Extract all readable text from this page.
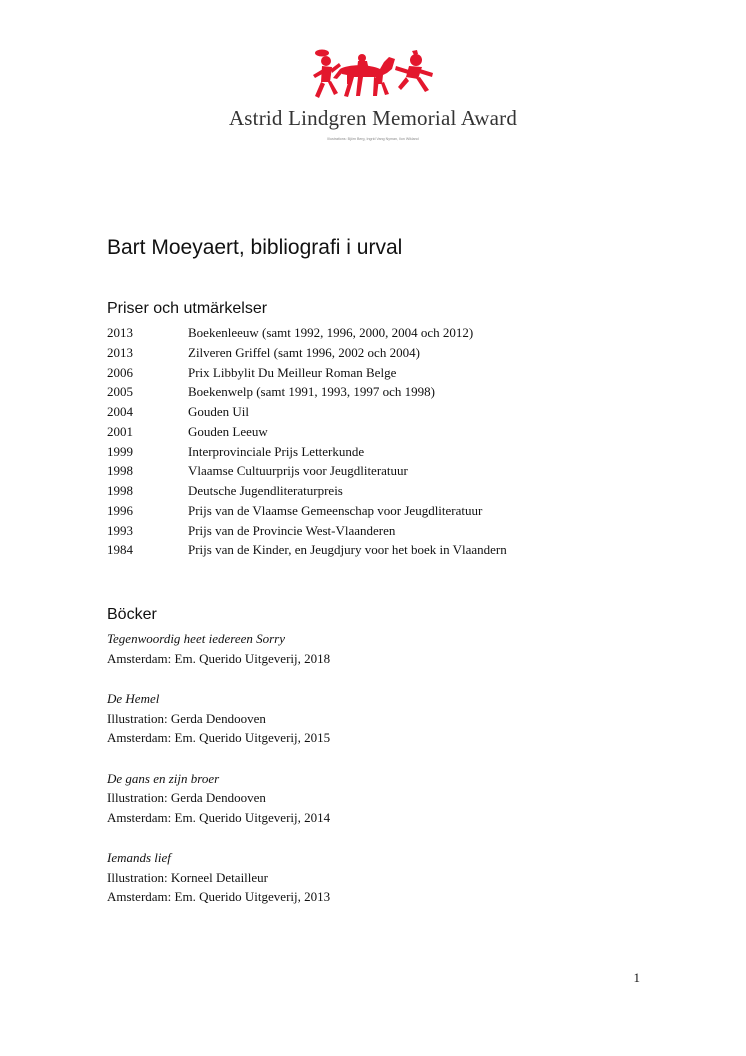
Astrid Lindgren Memorial Award
Illustrations: Björn Berg, Ingrid Vang Nyman, Ilon Wikland
Bart Moeyaert, bibliografi i urval
Priser och utmärkelser
2013	Boekenleeuw (samt 1992, 1996, 2000, 2004 och 2012)
2013	Zilveren Griffel (samt 1996, 2002 och 2004)
2006	Prix Libbylit Du Meilleur Roman Belge
2005	Boekenwelp (samt 1991, 1993, 1997 och 1998)
2004	Gouden Uil
2001	Gouden Leeuw
1999	Interprovinciale Prijs Letterkunde
1998	Vlaamse Cultuurprijs voor Jeugdliteratuur
1998	Deutsche Jugendliteraturpreis
1996	Prijs van de Vlaamse Gemeenschap voor Jeugdliteratuur
1993	Prijs van de Provincie West-Vlaanderen
1984	Prijs van de Kinder, en Jeugdjury voor het boek in Vlaandern
Böcker
Tegenwoordig heet iedereen Sorry
Amsterdam: Em. Querido Uitgeverij, 2018
De Hemel
Illustration: Gerda Dendooven
Amsterdam: Em. Querido Uitgeverij, 2015
De gans en zijn broer
Illustration: Gerda Dendooven
Amsterdam: Em. Querido Uitgeverij, 2014
Iemands lief
Illustration: Korneel Detailleur
Amsterdam: Em. Querido Uitgeverij, 2013
1
